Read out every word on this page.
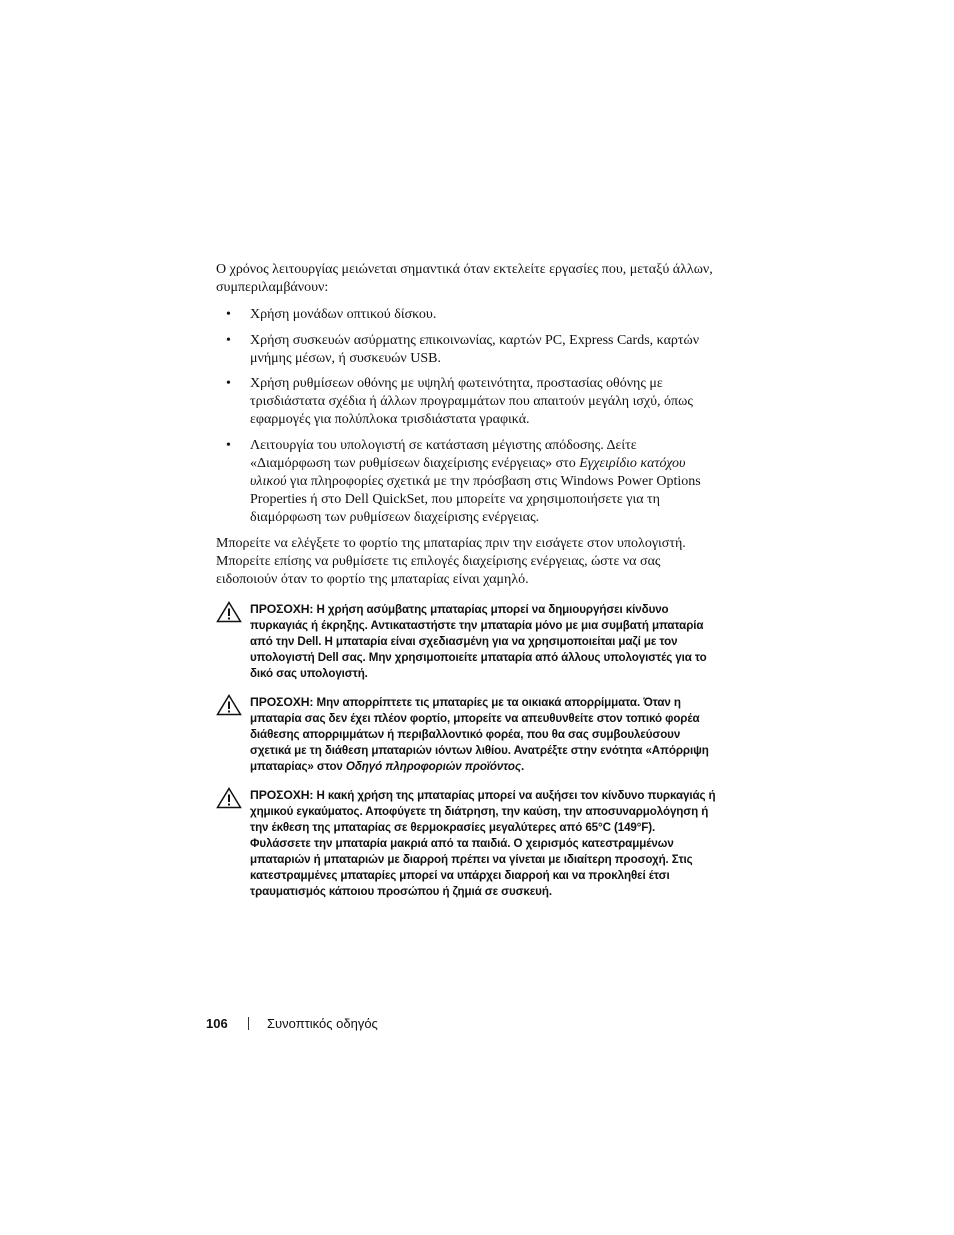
Ο χρόνος λειτουργίας μειώνεται σημαντικά όταν εκτελείτε εργασίες που, μεταξύ άλλων, συμπεριλαμβάνουν:

• Χρήση μονάδων οπτικού δίσκου.
• Χρήση συσκευών ασύρματης επικοινωνίας, καρτών PC, Express Cards, καρτών μνήμης μέσων, ή συσκευών USB.
• Χρήση ρυθμίσεων οθόνης με υψηλή φωτεινότητα, προστασίας οθόνης με τρισδιάστατα σχέδια ή άλλων προγραμμάτων που απαιτούν μεγάλη ισχύ, όπως εφαρμογές για πολύπλοκα τρισδιάστατα γραφικά.
• Λειτουργία του υπολογιστή σε κατάσταση μέγιστης απόδοσης. Δείτε «Διαμόρφωση των ρυθμίσεων διαχείρισης ενέργειας» στο Εγχειρίδιο κατόχου υλικού για πληροφορίες σχετικά με την πρόσβαση στις Windows Power Options Properties ή στο Dell QuickSet, που μπορείτε να χρησιμοποιήσετε για τη διαμόρφωση των ρυθμίσεων διαχείρισης ενέργειας.

Μπορείτε να ελέγξετε το φορτίο της μπαταρίας πριν την εισάγετε στον υπολογιστή. Μπορείτε επίσης να ρυθμίσετε τις επιλογές διαχείρισης ενέργειας, ώστε να σας ειδοποιούν όταν το φορτίο της μπαταρίας είναι χαμηλό.

ΠΡΟΣΟΧΗ: Η χρήση ασύμβατης μπαταρίας μπορεί να δημιουργήσει κίνδυνο πυρκαγιάς ή έκρηξης. Αντικαταστήστε την μπαταρία μόνο με μια συμβατή μπαταρία από την Dell. Η μπαταρία είναι σχεδιασμένη για να χρησιμοποιείται μαζί με τον υπολογιστή Dell σας. Μην χρησιμοποιείτε μπαταρία από άλλους υπολογιστές για το δικό σας υπολογιστή.
ΠΡΟΣΟΧΗ: Μην απορρίπτετε τις μπαταρίες με τα οικιακά απορρίμματα. Όταν η μπαταρία σας δεν έχει πλέον φορτίο, μπορείτε να απευθυνθείτε στον τοπικό φορέα διάθεσης απορριμμάτων ή περιβαλλοντικό φορέα, που θα σας συμβουλεύσουν σχετικά με τη διάθεση μπαταριών ιόντων λιθίου. Ανατρέξτε στην ενότητα «Απόρριψη μπαταρίας» στον Οδηγό πληροφοριών προϊόντος.
ΠΡΟΣΟΧΗ: Η κακή χρήση της μπαταρίας μπορεί να αυξήσει τον κίνδυνο πυρκαγιάς ή χημικού εγκαύματος. Αποφύγετε τη διάτρηση, την καύση, την αποσυναρμολόγηση ή την έκθεση της μπαταρίας σε θερμοκρασίες μεγαλύτερες από 65°C (149°F). Φυλάσσετε την μπαταρία μακριά από τα παιδιά. Ο χειρισμός κατεστραμμένων μπαταριών ή μπαταριών με διαρροή πρέπει να γίνεται με ιδιαίτερη προσοχή. Στις κατεστραμμένες μπαταρίες μπορεί να υπάρχει διαρροή και να προκληθεί έτσι τραυματισμός κάποιου προσώπου ή ζημιά σε συσκευή.
106	Συνοπτικός οδηγός
